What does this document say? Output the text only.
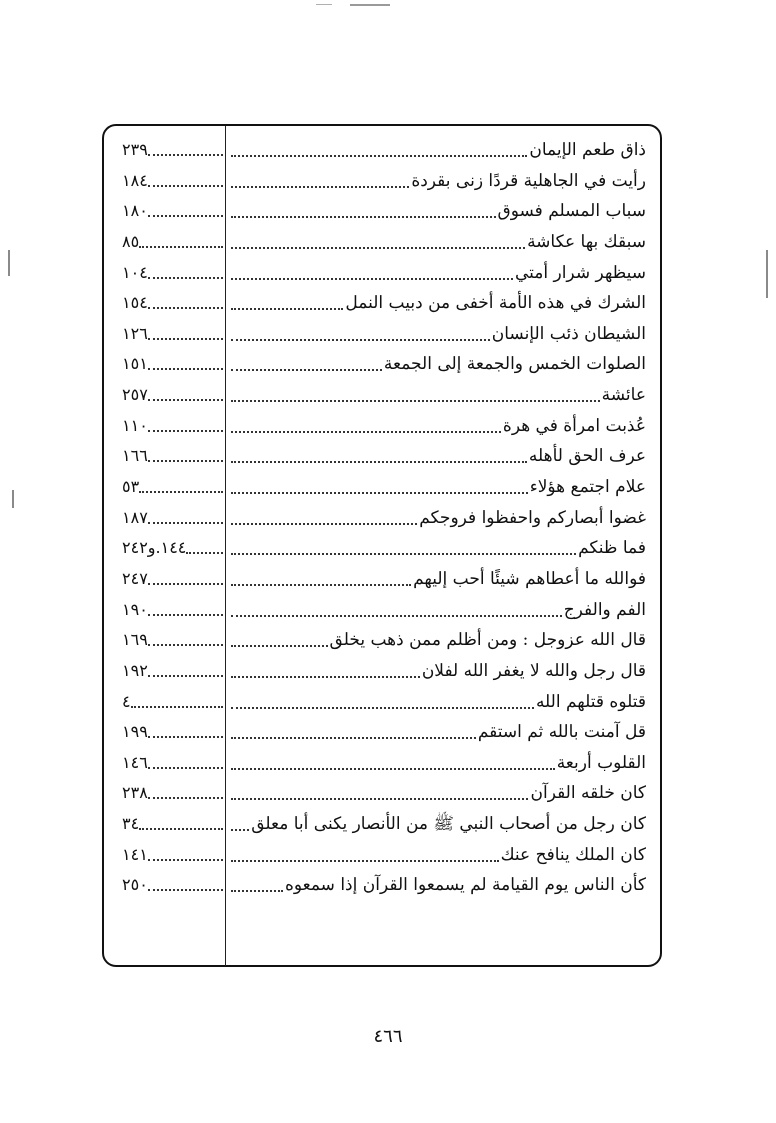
ذاق طعم الإيمان
٢٣٩
رأيت في الجاهلية قردًا زنى بقردة
١٨٤
سباب المسلم فسوق
١٨٠
سبقك بها عكاشة
٨٥
سيظهر شرار أمتي
١٠٤
الشرك في هذه الأمة أخفى من دبيب النمل
١٥٤
الشيطان ذئب الإنسان
١٢٦
الصلوات الخمس والجمعة إلى الجمعة
١٥١
عائشة
٢٥٧
عُذبت امرأة في هرة
١١٠
عرف الحق لأهله
١٦٦
علام اجتمع هؤلاء
٥٣
غضوا أبصاركم واحفظوا فروجكم
١٨٧
فما ظنكم
١٤٤.و٢٤٢
فوالله ما أعطاهم شيئًا أحب إليهم
٢٤٧
الفم والفرج
١٩٠
قال الله عزوجل : ومن أظلم ممن ذهب يخلق
١٦٩
قال رجل والله لا يغفر الله لفلان
١٩٢
قتلوه قتلهم الله
٤
قل آمنت بالله ثم استقم
١٩٩
القلوب أربعة
١٤٦
كان خلقه القرآن
٢٣٨
كان رجل من أصحاب النبي ﷺ من الأنصار يكنى أبا معلق
٣٤
كان الملك ينافح عنك
١٤١
كأن الناس يوم القيامة لم يسمعوا القرآن إذا سمعوه
٢٥٠
٤٦٦
